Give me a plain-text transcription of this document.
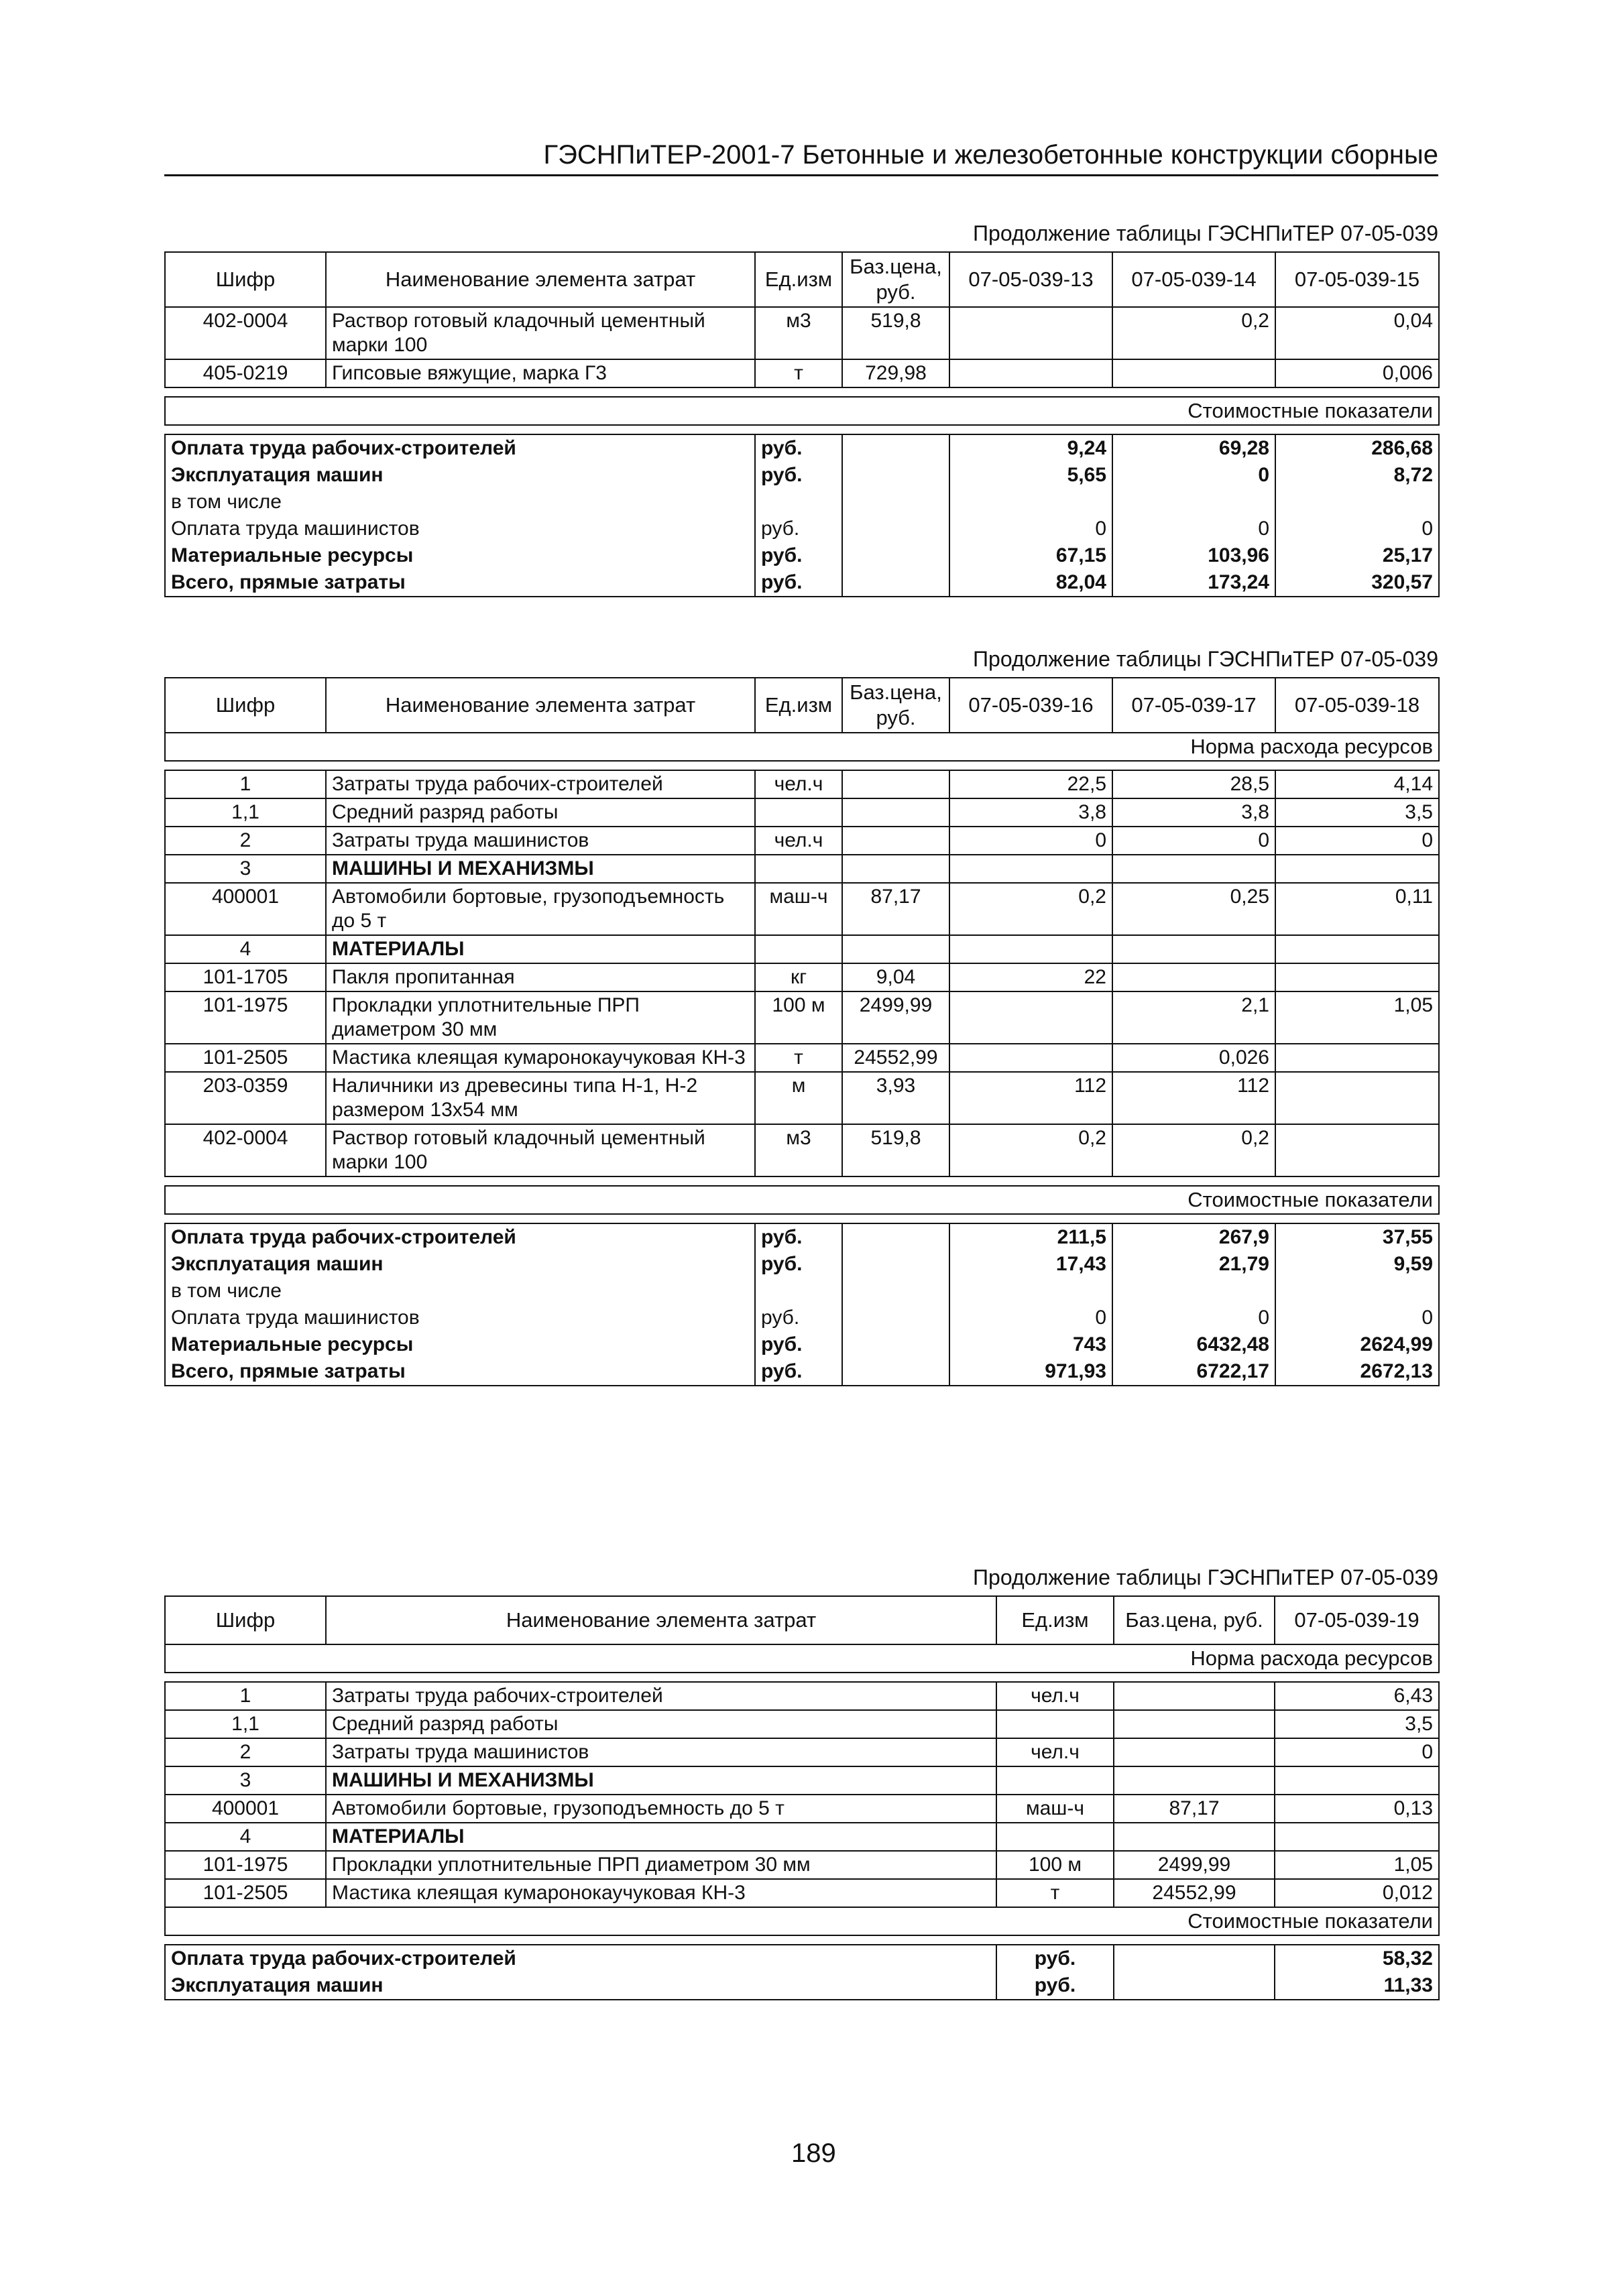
ГЭСНПиТЕР-2001-7 Бетонные и железобетонные конструкции сборные
Продолжение таблицы ГЭСНПиТЕР 07-05-039
Шифр	Наименование элемента затрат	Ед.изм	Баз.цена, руб.	07-05-039-13	07-05-039-14	07-05-039-15
402-0004	Раствор готовый кладочный цементный марки 100	м3	519,8		0,2	0,04
405-0219	Гипсовые вяжущие, марка Г3	т	729,98			0,006

Стоимостные показатели						

Оплата труда рабочих-строителей		руб.		9,24	69,28	286,68
Эксплуатация машин		руб.		5,65	0	8,72
в том числе						
Оплата труда машинистов		руб.		0	0	0
Материальные ресурсы		руб.		67,15	103,96	25,17
Всего, прямые затраты		руб.		82,04	173,24	320,57
Продолжение таблицы ГЭСНПиТЕР 07-05-039
Шифр	Наименование элемента затрат	Ед.изм	Баз.цена, руб.	07-05-039-16	07-05-039-17	07-05-039-18
Норма расхода ресурсов						

1	Затраты труда рабочих-строителей	чел.ч		22,5	28,5	4,14
1,1	Средний разряд работы			3,8	3,8	3,5
2	Затраты труда машинистов	чел.ч		0	0	0
3	МАШИНЫ И МЕХАНИЗМЫ					
400001	Автомобили бортовые, грузоподъемность до 5 т	маш-ч	87,17	0,2	0,25	0,11
4	МАТЕРИАЛЫ					
101-1705	Пакля пропитанная	кг	9,04	22		
101-1975	Прокладки уплотнительные ПРП диаметром 30 мм	100 м	2499,99		2,1	1,05
101-2505	Мастика клеящая кумаронокаучуковая КН-3	т	24552,99		0,026	
203-0359	Наличники из древесины типа Н-1, Н-2 размером 13х54 мм	м	3,93	112	112	
402-0004	Раствор готовый кладочный цементный марки 100	м3	519,8	0,2	0,2	

Стоимостные показатели						

Оплата труда рабочих-строителей		руб.		211,5	267,9	37,55
Эксплуатация машин		руб.		17,43	21,79	9,59
в том числе						
Оплата труда машинистов		руб.		0	0	0
Материальные ресурсы		руб.		743	6432,48	2624,99
Всего, прямые затраты		руб.		971,93	6722,17	2672,13
Продолжение таблицы ГЭСНПиТЕР 07-05-039
Шифр	Наименование элемента затрат	Ед.изм	Баз.цена, руб.	07-05-039-19
Норма расхода ресурсов				

1	Затраты труда рабочих-строителей	чел.ч		6,43
1,1	Средний разряд работы			3,5
2	Затраты труда машинистов	чел.ч		0
3	МАШИНЫ И МЕХАНИЗМЫ			
400001	Автомобили бортовые, грузоподъемность до 5 т	маш-ч	87,17	0,13
4	МАТЕРИАЛЫ			
101-1975	Прокладки уплотнительные ПРП диаметром 30 мм	100 м	2499,99	1,05
101-2505	Мастика клеящая кумаронокаучуковая КН-3	т	24552,99	0,012
Стоимостные показатели				

Оплата труда рабочих-строителей		руб.		58,32
Эксплуатация машин		руб.		11,33
189
